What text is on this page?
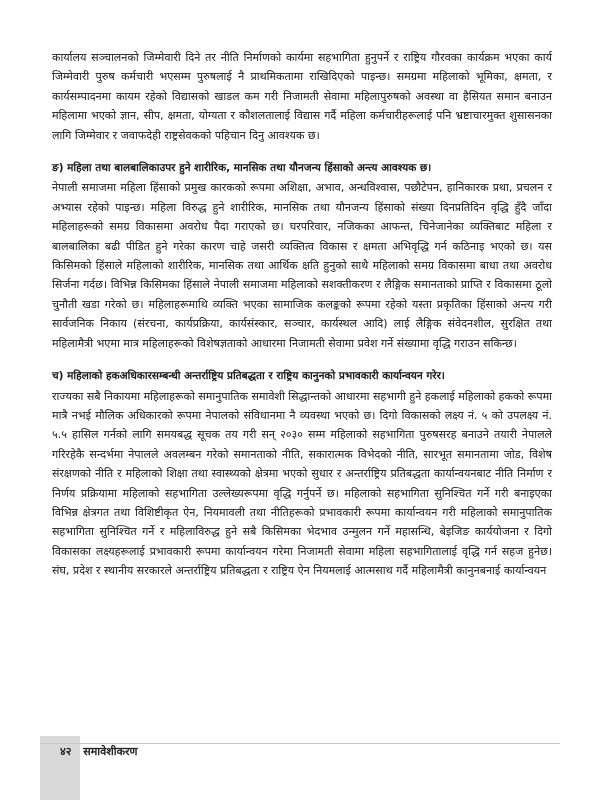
कार्यालय सञ्चालनको जिम्मेवारी दिने तर नीति निर्माणको कार्यमा सहभागिता हुनुपर्ने र राष्ट्रिय गौरवका कार्यक्रम भएका कार्य जिम्मेवारी पुरुष कर्मचारी भएसम्म पुरुषलाई नै प्राथमिकतामा राखिदिएको पाइन्छ। समग्रमा महिलाको भूमिका, क्षमता, र कार्यसम्पादनमा कायम रहेको विद्यासको खाडल कम गरी निजामती सेवामा महिलापुरुषको अवस्था वा हैसियत समान बनाउन महिलामा भएको ज्ञान, सीप, क्षमता, योग्यता र कौशलतालाई विद्यास गर्दै महिला कर्मचारीहरूलाई पनि भ्रष्टाचारमुक्त शुसासनका लागि जिम्मेवार र जवाफदेही राष्ट्रसेवकको पहिचान दिनु आवश्यक छ।

ङ) महिला तथा बालबालिकाउपर हुने शारीरिक, मानसिक तथा यौनजन्य हिंसाको अन्त्य आवश्यक छ।

नेपाली समाजमा महिला हिंसाको प्रमुख कारकको रूपमा अशिक्षा, अभाव, अन्धविश्वास, पछौटेपन, हानिकारक प्रथा, प्रचलन र अभ्यास रहेको पाइन्छ। महिला विरुद्ध हुने शारीरिक, मानसिक तथा यौनजन्य हिंसाको संख्या दिनप्रतिदिन वृद्धि हुँदै जाँदा महिलाहरूको समग्र विकासमा अवरोध पैदा गराएको छ। घरपरिवार, नजिकका आफन्त, चिनेजानेका व्यक्तिबाट महिला र बालबालिका बढी पीडित हुने गरेका कारण चाहे जसरी व्यक्तित्व विकास र क्षमता अभिवृद्धि गर्न कठिनाइ भएको छ। यस किसिमको हिंसाले महिलाको शारीरिक, मानसिक तथा आर्थिक क्षति हुनुको साथै महिलाको समग्र विकासमा बाधा तथा अवरोध सिर्जना गर्दछ। विभिन्न किसिमका हिंसाले नेपाली समाजमा महिलाको सशक्तीकरण र लैङ्गिक समानताको प्राप्ति र विकासमा ठूलो चुनौती खडा गरेको छ। महिलाहरूमाथि व्यक्ति भएका सामाजिक कलङ्कको रूपमा रहेको यस्ता प्रकृतिका हिंसाको अन्त्य गरी सार्वजनिक निकाय (संरचना, कार्यप्रक्रिया, कार्यसंस्कार, सञ्चार, कार्यस्थल आदि) लाई लैङ्गिक संवेदनशील, सुरक्षित तथा महिलामैत्री भएमा मात्र महिलाहरूको विशेषज्ञताको आधारमा निजामती सेवामा प्रवेश गर्ने संख्यामा वृद्धि गराउन सकिन्छ।

च) महिलाको हकअधिकारसम्बन्धी अन्तर्राष्ट्रिय प्रतिबद्धता र राष्ट्रिय कानुनको प्रभावकारी कार्यान्वयन गरेर।

राज्यका सबै निकायमा महिलाहरूको समानुपातिक समावेशी सिद्धान्तको आधारमा सहभागी हुने हकलाई महिलाको हकको रूपमा मात्रै नभई मौलिक अधिकारको रूपमा नेपालको संविधानमा नै व्यवस्था भएको छ। दिगो विकासको लक्ष्य नं. ५ को उपलक्ष्य नं. ५.५ हासिल गर्नको लागि समयबद्ध सूचक तय गरी सन् २०३० सम्म महिलाको सहभागिता पुरुषसरह बनाउने तयारी नेपालले गरिरहेकै सन्दर्भमा नेपालले अवलम्बन गरेको समानताको नीति, सकारात्मक विभेदको नीति, सारभूत समानतामा जोड, विशेष संरक्षणको नीति र महिलाको शिक्षा तथा स्वास्थ्यको क्षेत्रमा भएको सुधार र अन्तर्राष्ट्रिय प्रतिबद्धता कार्यान्वयनबाट नीति निर्माण र निर्णय प्रक्रियामा महिलाको सहभागिता उल्लेख्यरूपमा वृद्धि गर्नुपर्ने छ। महिलाको सहभागिता सुनिश्चित गर्ने गरी बनाइएका विभिन्न क्षेत्रगत तथा विशिष्टीकृत ऐन, नियमावली तथा नीतिहरूको प्रभावकारी रूपमा कार्यान्वयन गरी महिलाको समानुपातिक सहभागिता सुनिश्चित गर्ने र महिलाविरुद्ध हुने सबै किसिमका भेदभाव उन्मुलन गर्ने महासन्धि, बेइजिङ कार्ययोजना र दिगो विकासका लक्ष्यहरूलाई प्रभावकारी रूपमा कार्यान्वयन गरेमा निजामती सेवामा महिला सहभागितालाई वृद्धि गर्न सहज हुनेछ। संघ, प्रदेश र स्थानीय सरकारले अन्तर्राष्ट्रिय प्रतिबद्धता र राष्ट्रिय ऐन नियमलाई आत्मसाथ गर्दै महिलामैत्री कानुनबनाई कार्यान्वयन

४२ समावेशीकरण
